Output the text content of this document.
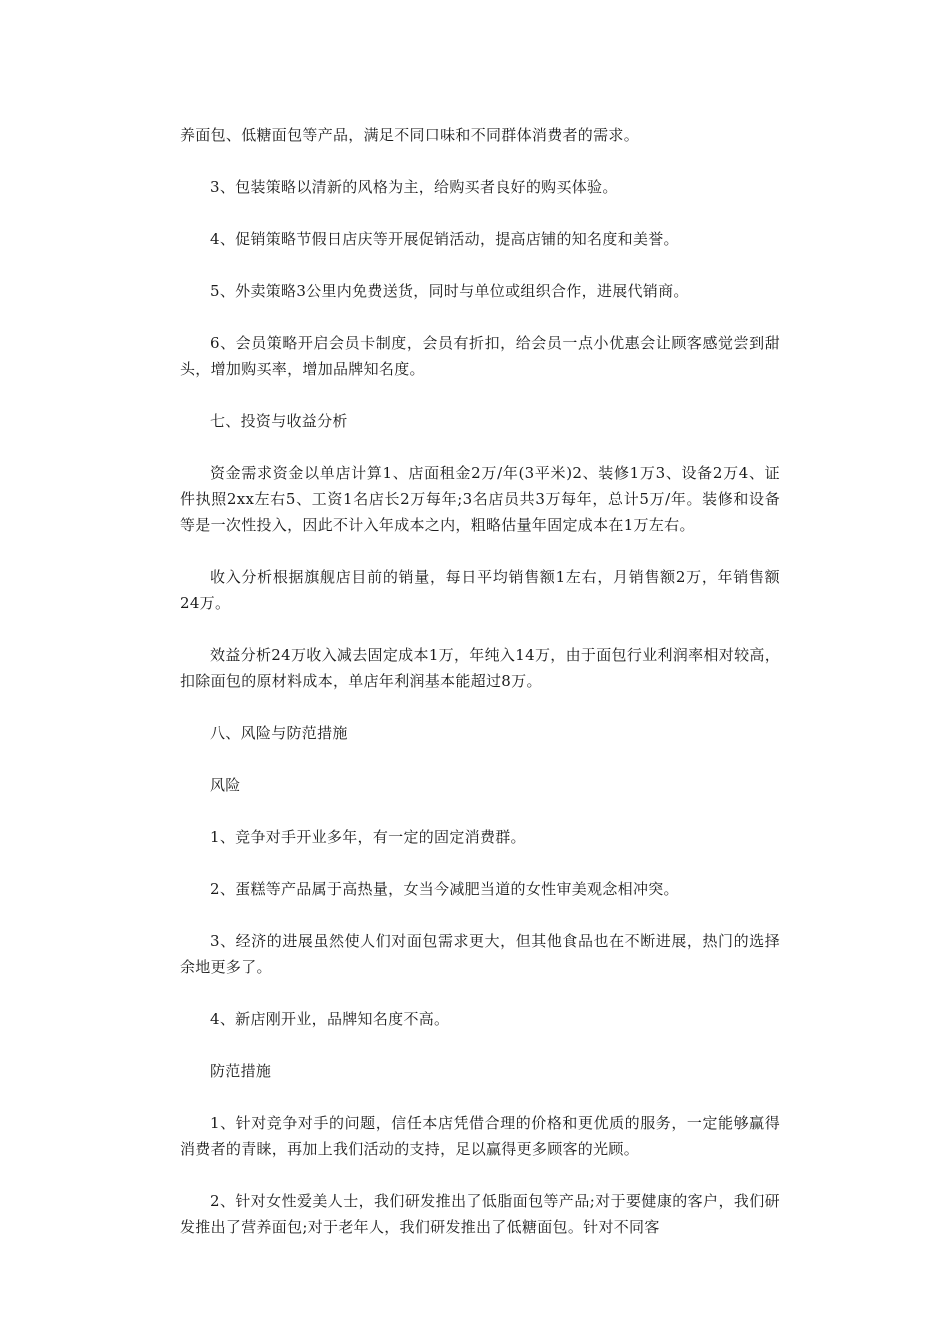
养面包、低糖面包等产品，满足不同口味和不同群体消费者的需求。

3、包装策略以清新的风格为主，给购买者良好的购买体验。

4、促销策略节假日店庆等开展促销活动，提高店铺的知名度和美誉。

5、外卖策略3公里内免费送货，同时与单位或组织合作，进展代销商。

6、会员策略开启会员卡制度，会员有折扣，给会员一点小优惠会让顾客感觉尝到甜头，增加购买率，增加品牌知名度。

七、投资与收益分析

资金需求资金以单店计算1、店面租金2万/年(3平米)2、装修1万3、设备2万4、证件执照2xx左右5、工资1名店长2万每年;3名店员共3万每年，总计5万/年。装修和设备等是一次性投入，因此不计入年成本之内，粗略估量年固定成本在1万左右。

收入分析根据旗舰店目前的销量，每日平均销售额1左右，月销售额2万，年销售额24万。

效益分析24万收入减去固定成本1万，年纯入14万，由于面包行业利润率相对较高，扣除面包的原材料成本，单店年利润基本能超过8万。

八、风险与防范措施

风险

1、竞争对手开业多年，有一定的固定消费群。

2、蛋糕等产品属于高热量，女当今减肥当道的女性审美观念相冲突。

3、经济的进展虽然使人们对面包需求更大，但其他食品也在不断进展，热门的选择余地更多了。

4、新店刚开业，品牌知名度不高。

防范措施

1、针对竞争对手的问题，信任本店凭借合理的价格和更优质的服务，一定能够赢得消费者的青睐，再加上我们活动的支持，足以赢得更多顾客的光顾。

2、针对女性爱美人士，我们研发推出了低脂面包等产品;对于要健康的客户，我们研发推出了营养面包;对于老年人，我们研发推出了低糖面包。针对不同客
